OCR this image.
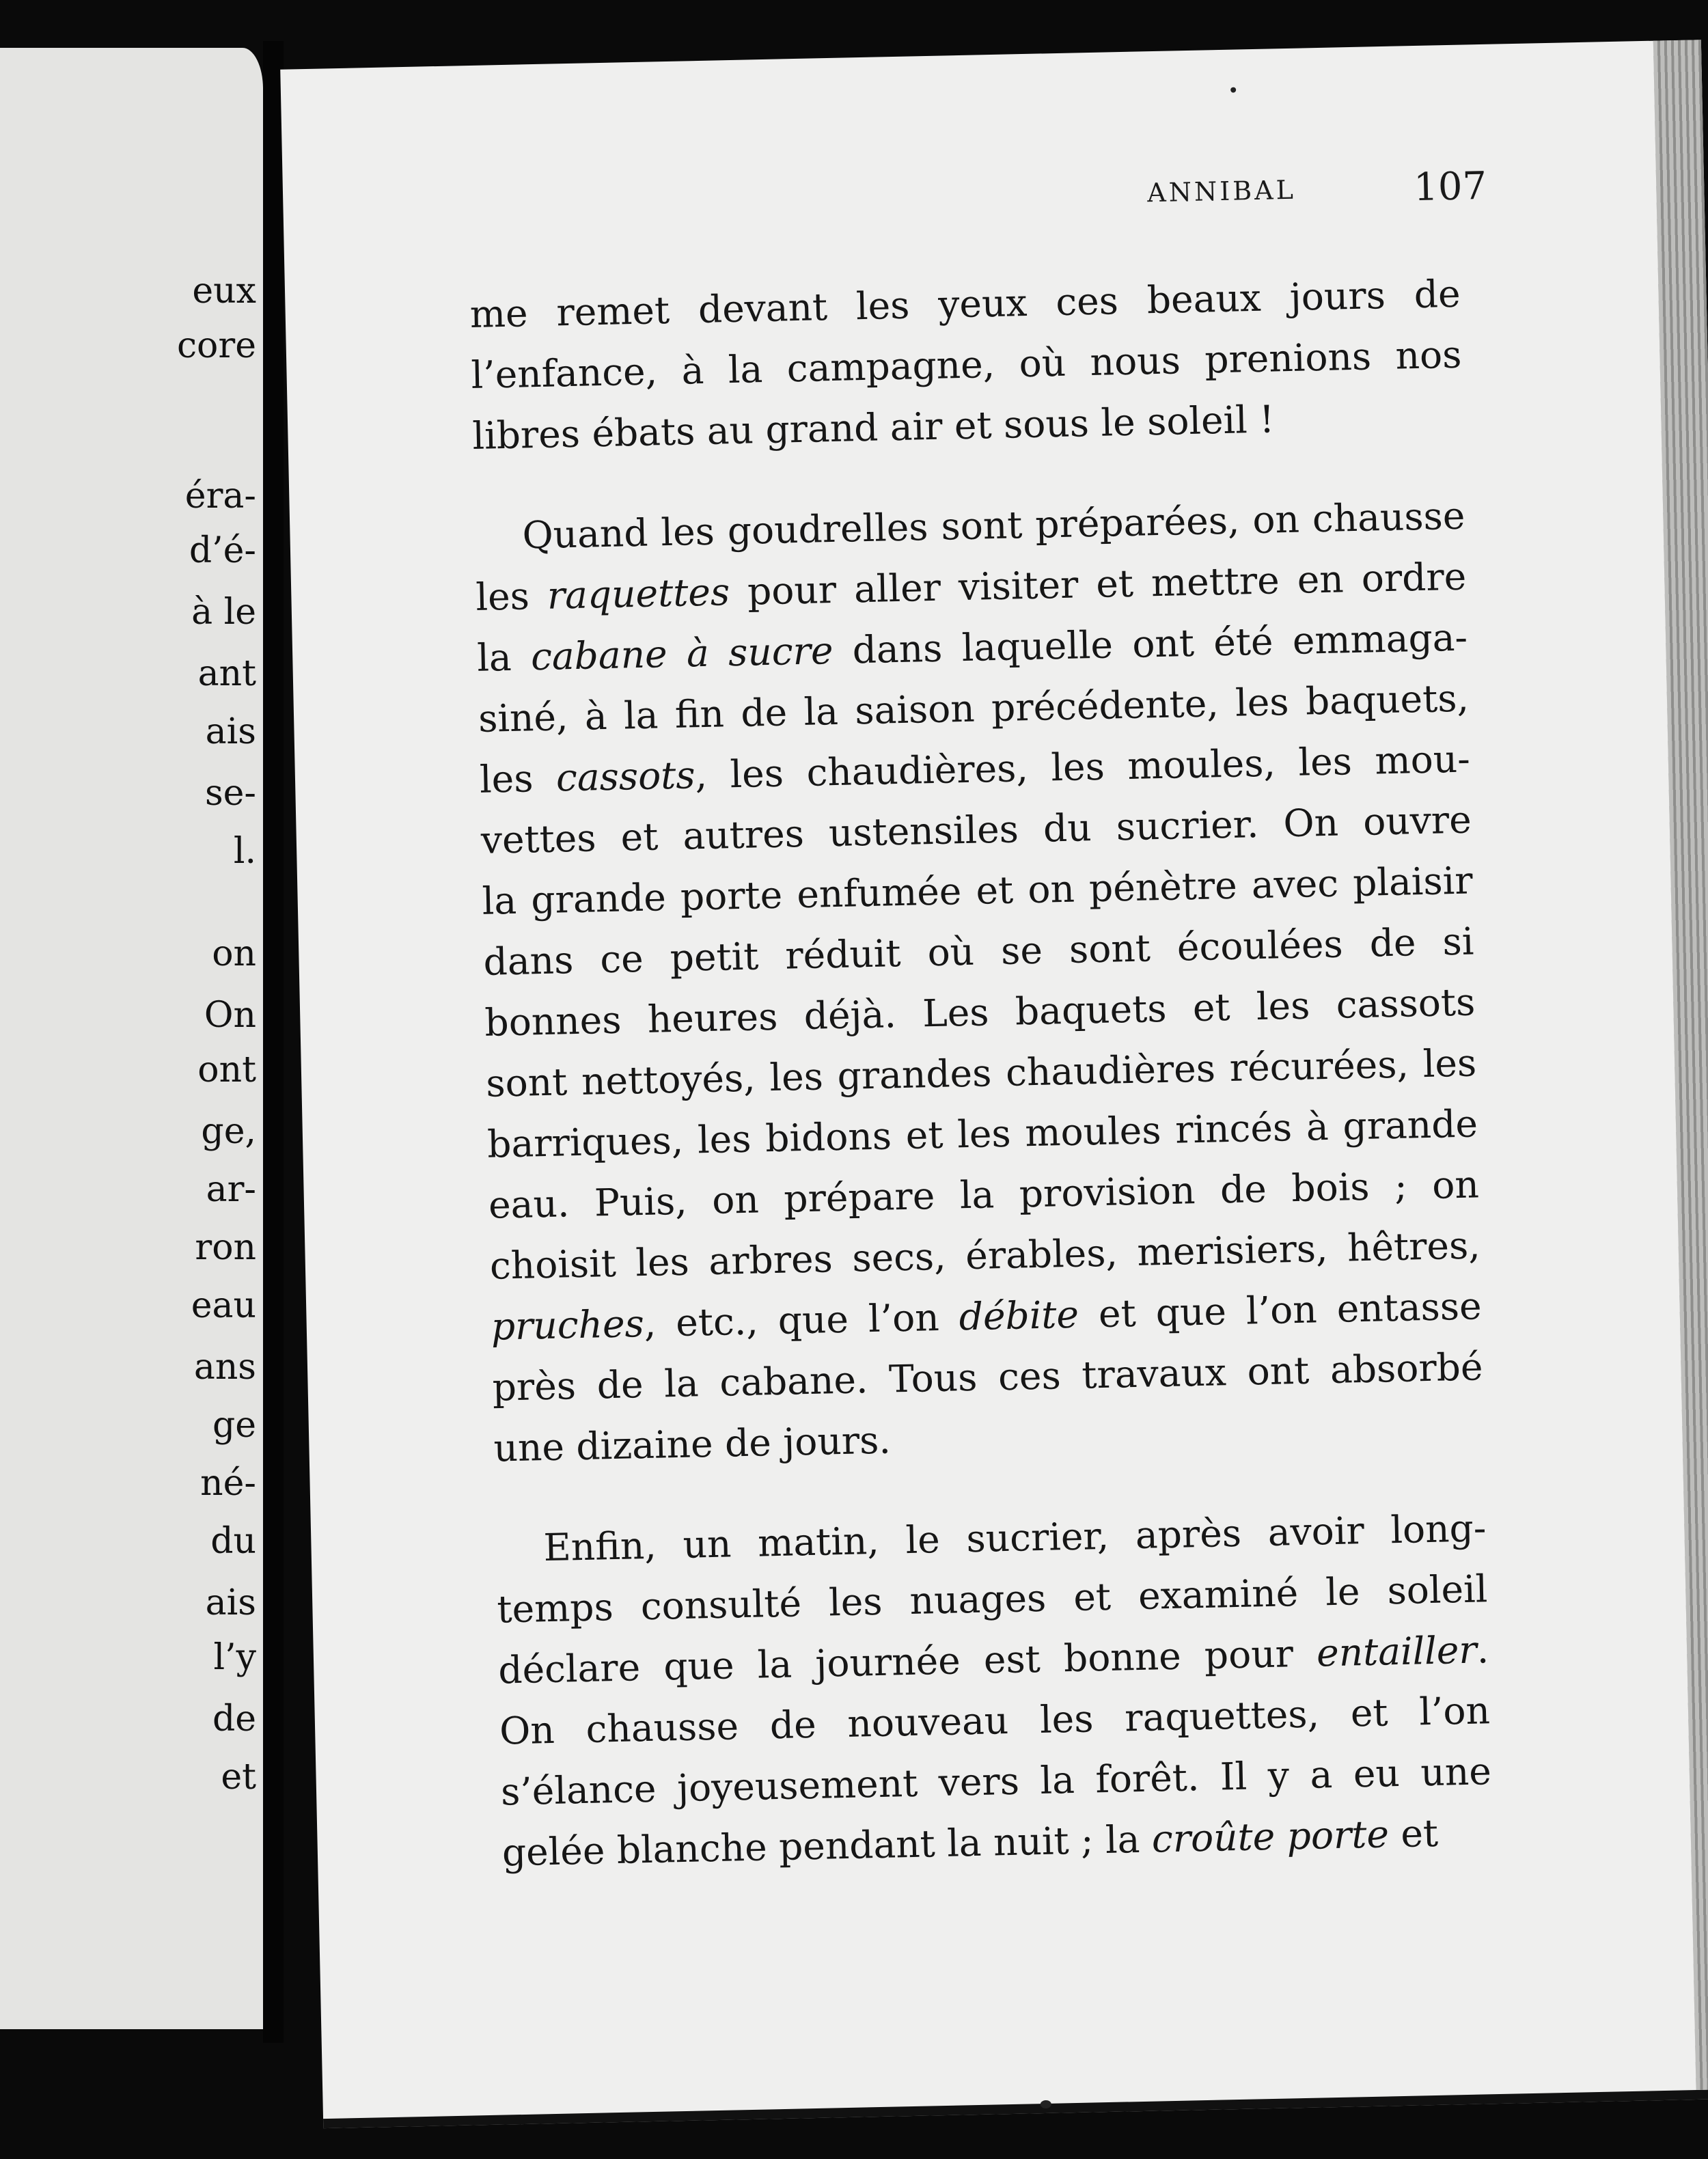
eux
core
éra-
d’é-
à le
ant
ais
se-
l.
on
On
ont
ge,
ar-
ron
eau
ans
ge
né-
du
ais
l’y
de
et
ANNIBAL	107
me remet devant les yeux ces beaux jours de
l’enfance, à la campagne, où nous prenions nos
libres ébats au grand air et sous le soleil !
Quand les goudrelles sont préparées, on chausse
les raquettes pour aller visiter et mettre en ordre
la cabane à sucre dans laquelle ont été emmaga-
siné, à la fin de la saison précédente, les baquets,
les cassots, les chaudières, les moules, les mou-
vettes et autres ustensiles du sucrier. On ouvre
la grande porte enfumée et on pénètre avec plaisir
dans ce petit réduit où se sont écoulées de si
bonnes heures déjà. Les baquets et les cassots
sont nettoyés, les grandes chaudières récurées, les
barriques, les bidons et les moules rincés à grande
eau. Puis, on prépare la provision de bois ; on
choisit les arbres secs, érables, merisiers, hêtres,
pruches, etc., que l’on débite et que l’on entasse
près de la cabane. Tous ces travaux ont absorbé
une dizaine de jours.
Enfin, un matin, le sucrier, après avoir long-
temps consulté les nuages et examiné le soleil
déclare que la journée est bonne pour entailler.
On chausse de nouveau les raquettes, et l’on
s’élance joyeusement vers la forêt. Il y a eu une
gelée blanche pendant la nuit ; la croûte porte et
